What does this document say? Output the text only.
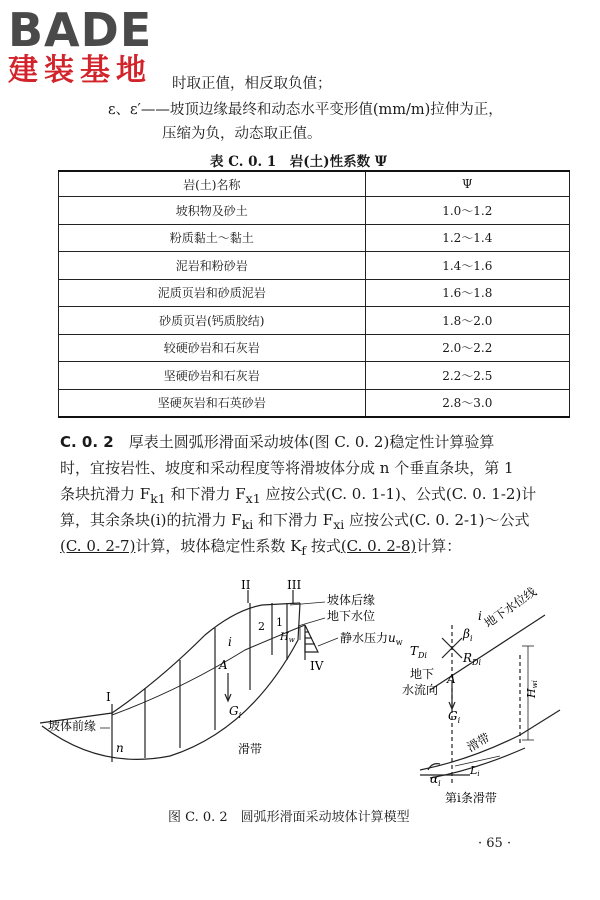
BADE
建装基地	时取正值，相反取负值；
ε、ε′——坡顶边缘最终和动态水平变形值(mm/m)拉伸为正，
压缩为负，动态取正值。
表 C. 0. 1　岩(土)性系数 Ψ
岩(土)名称	Ψ
坡积物及砂土	1.0～1.2
粉质黏土～黏土	1.2～1.4
泥岩和粉砂岩	1.4～1.6
泥质页岩和砂质泥岩	1.6～1.8
砂质页岩(钙质胶结)	1.8～2.0
较硬砂岩和石灰岩	2.0～2.2
坚硬砂岩和石灰岩	2.2～2.5
坚硬灰岩和石英砂岩	2.8～3.0
C. 0. 2　 厚表土圆弧形滑面采动坡体(图 C. 0. 2)稳定性计算验算
时，宜按岩性、坡度和采动程度等将滑坡体分成 n 个垂直条块，第 1
条块抗滑力 $F_{k1}$ 和下滑力 $F_{x1}$ 应按公式(C. 0. 1-1)、公式(C. 0. 1-2)计
算，其余条块(i)的抗滑力 $F_{ki}$ 和下滑力 $F_{xi}$ 应按公式(C. 0. 2-1)～公式
(C. 0. 2-7)计算，坡体稳定性系数 $K_f$ 按式(C. 0. 2-8)计算：
II	III
I
IV
坡体后缘
地下水位
静水压力$u_w$
坡体前缘
滑带
n
i
1
2
A
$G_i$
$H_w$
地下水位线
$\beta_i$
i
$T_{Di}$	$R_{Di}$
地下
水流向
A
$G_i$
Hwi
滑带
$\alpha_i$
Li
第i条滑带
图 C. 0. 2　圆弧形滑面采动坡体计算模型
· 65 ·
